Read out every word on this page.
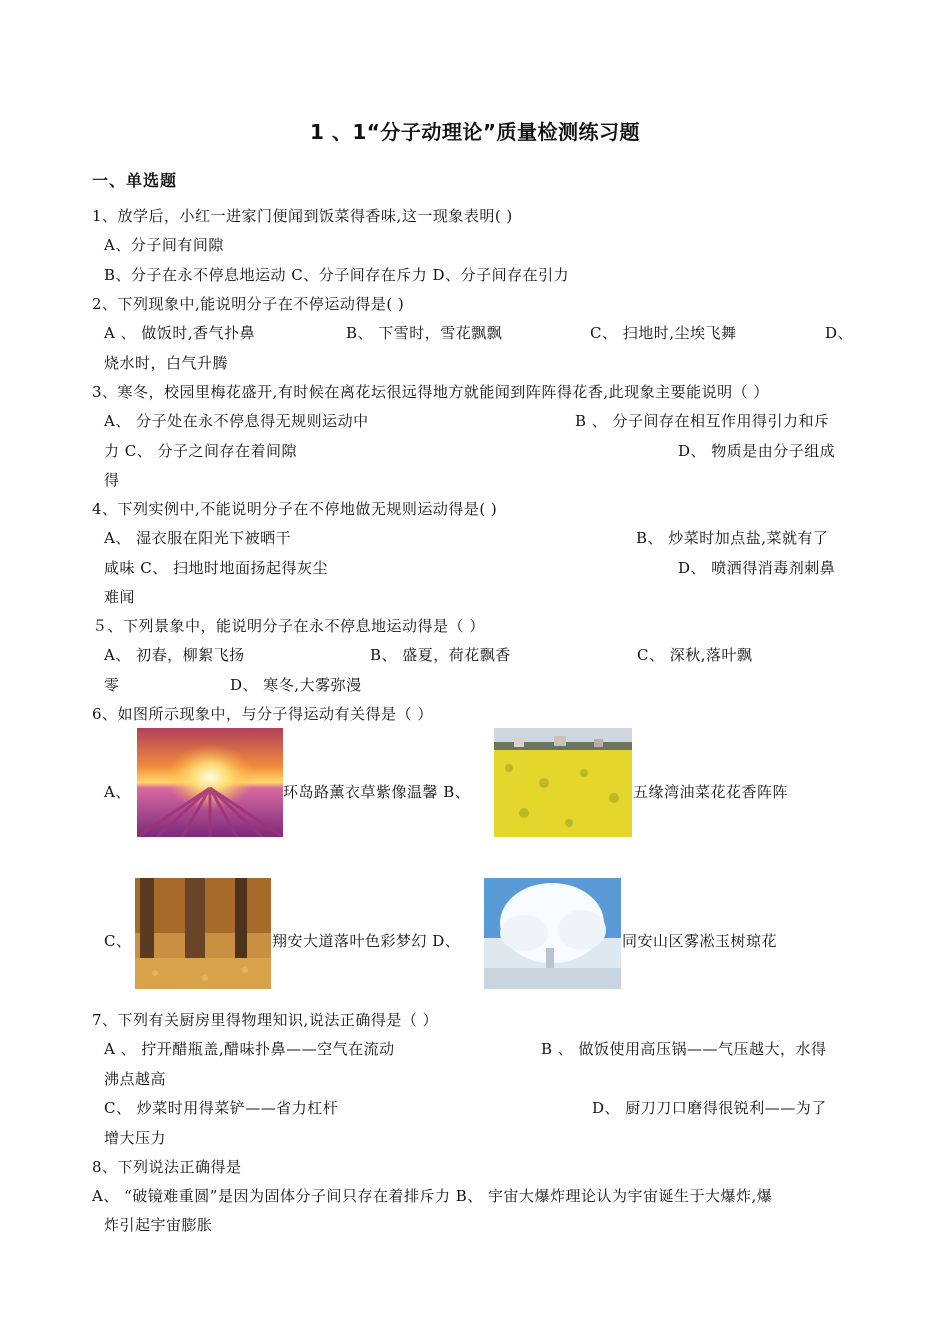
1 、1“分子动理论”质量检测练习题
一、单选题
1、放学后，小红一进家门便闻到饭菜得香味,这一现象表明( )
A、分子间有间隙
B、分子在永不停息地运动 C、分子间存在斥力 D、分子间存在引力
2、下列现象中,能说明分子在不停运动得是( )
A 、 做饭时,香气扑鼻	B、 下雪时，雪花飘飘	C、 扫地时,尘埃飞舞	D、
烧水时，白气升腾
3、寒冬，校园里梅花盛开,有时候在离花坛很远得地方就能闻到阵阵得花香,此现象主要能说明（ ）
A、 分子处在永不停息得无规则运动中	B 、 分子间存在相互作用得引力和斥
力 C、 分子之间存在着间隙	D、 物质是由分子组成
得
4、下列实例中,不能说明分子在不停地做无规则运动得是( )
A、 湿衣服在阳光下被晒干	B、 炒菜时加点盐,菜就有了
咸味 C、 扫地时地面扬起得灰尘	D、 喷洒得消毒剂刺鼻
难闻
５、下列景象中，能说明分子在永不停息地运动得是（ ）
A、 初春，柳絮飞扬	B、 盛夏，荷花飘香	C、 深秋,落叶飘
零	D、 寒冬,大雾弥漫
6、如图所示现象中，与分子得运动有关得是（ ）
A、	环岛路薰衣草紫像温馨 B、	五缘湾油菜花花香阵阵
C、	翔安大道落叶色彩梦幻 D、	同安山区雾凇玉树琼花
7、下列有关厨房里得物理知识,说法正确得是（ ）
A 、 拧开醋瓶盖,醋味扑鼻——空气在流动	B 、 做饭使用高压锅——气压越大，水得
沸点越高
C、 炒菜时用得菜铲——省力杠杆	D、 厨刀刀口磨得很锐利——为了
增大压力
8、下列说法正确得是
A、 “破镜难重圆”是因为固体分子间只存在着排斥力 B、 宇宙大爆炸理论认为宇宙诞生于大爆炸,爆
炸引起宇宙膨胀
